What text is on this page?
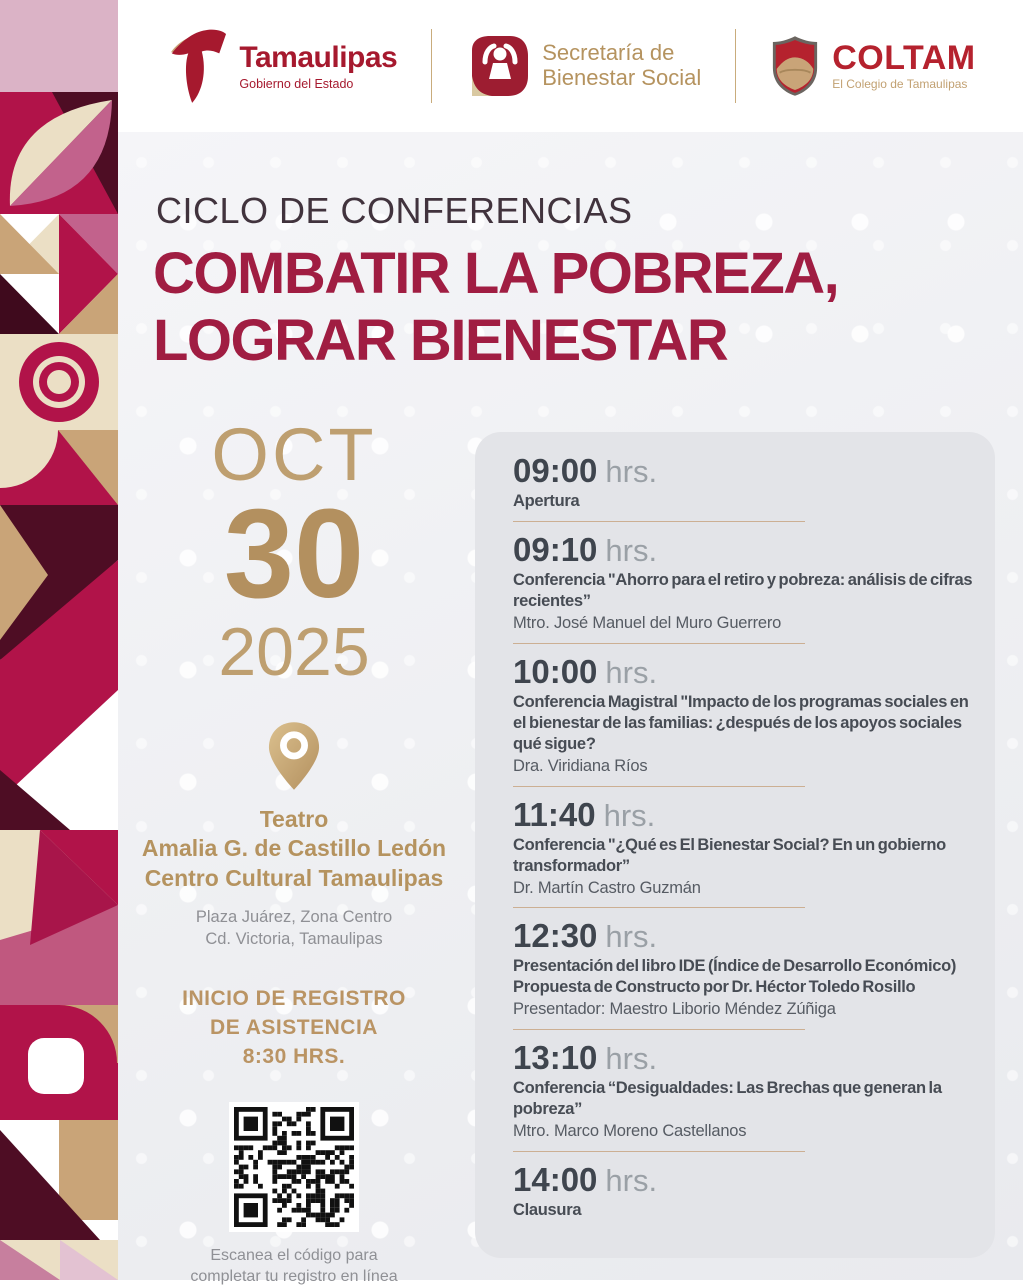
Tamaulipas
Gobierno del Estado
Secretaría de
Bienestar Social
COLTAM
El Colegio de Tamaulipas
CICLO DE CONFERENCIAS
COMBATIR LA POBREZA,
LOGRAR BIENESTAR
OCT
30
2025
Teatro
Amalia G. de Castillo Ledón
Centro Cultural Tamaulipas
Plaza Juárez, Zona Centro
Cd. Victoria, Tamaulipas
INICIO DE REGISTRO
DE ASISTENCIA
8:30 HRS.
Escanea el código para
completar tu registro en línea
09:00 hrs.
Apertura
09:10 hrs.
Conferencia "Ahorro para el retiro y pobreza: análisis de cifras recientes”
Mtro. José Manuel del Muro Guerrero
10:00 hrs.
Conferencia Magistral "Impacto de los programas sociales en el bienestar de las familias: ¿después de los apoyos sociales qué sigue?
Dra. Viridiana Ríos
11:40 hrs.
Conferencia "¿Qué es El Bienestar Social? En un gobierno transformador”
Dr. Martín Castro Guzmán
12:30 hrs.
Presentación del libro IDE (Índice de Desarrollo Económico) Propuesta de Constructo por Dr. Héctor Toledo Rosillo
Presentador: Maestro Liborio Méndez Zúñiga
13:10 hrs.
Conferencia “Desigualdades: Las Brechas que generan la pobreza”
Mtro. Marco Moreno Castellanos
14:00 hrs.
Clausura
